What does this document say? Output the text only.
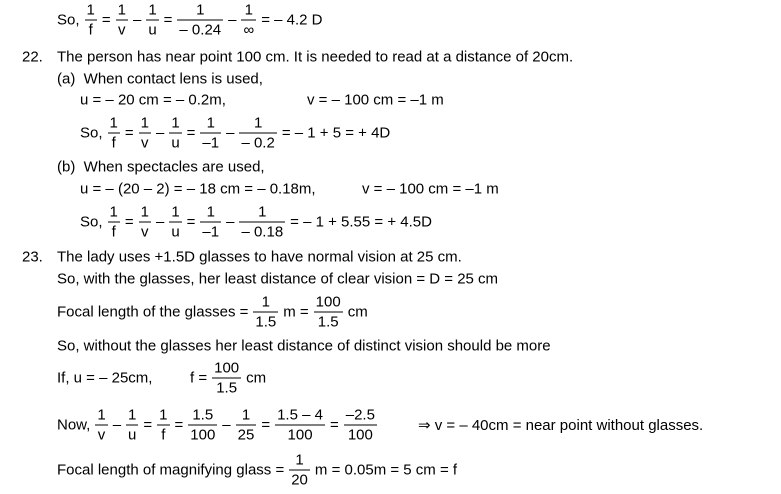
So, $\frac{1}{f} = \frac{1}{v} - \frac{1}{u} = \frac{1}{- 0.24} - \frac{1}{\infty}$ = – 4.2 D
22. The person has near point 100 cm. It is needed to read at a distance of 20cm.
(a)  When contact lens is used,
u = – 20 cm = – 0.2m,	v = – 100 cm = –1 m
So, $\frac{1}{f} = \frac{1}{v} - \frac{1}{u} = \frac{1}{-1} - \frac{1}{- 0.2}$ = – 1 + 5 = + 4D
(b)  When spectacles are used,
u = – (20 – 2) = – 18 cm = – 0.18m,	v = – 100 cm = –1 m
So, $\frac{1}{f} = \frac{1}{v} - \frac{1}{u} = \frac{1}{-1} - \frac{1}{- 0.18}$ = – 1 + 5.55 = + 4.5D
23. The lady uses +1.5D glasses to have normal vision at 25 cm.
So, with the glasses, her least distance of clear vision = D = 25 cm
Focal length of the glasses = $\frac{1}{1.5}$ $m = \frac{100}{1.5}$ cm
So, without the glasses her least distance of distinct vision should be more
If, u = – 25cm,	$f = \frac{100}{1.5}$ cm
Now, $\frac{1}{v} - \frac{1}{u} = \frac{1}{f} = \frac{1.5}{100} - \frac{1}{25} = \frac{1.5 - 4}{100} = \frac{-2.5}{100}$	⇒ v = – 40cm = near point without glasses.
Focal length of magnifying glass = $\frac{1}{20}$ m = 0.05m = 5 cm = f
